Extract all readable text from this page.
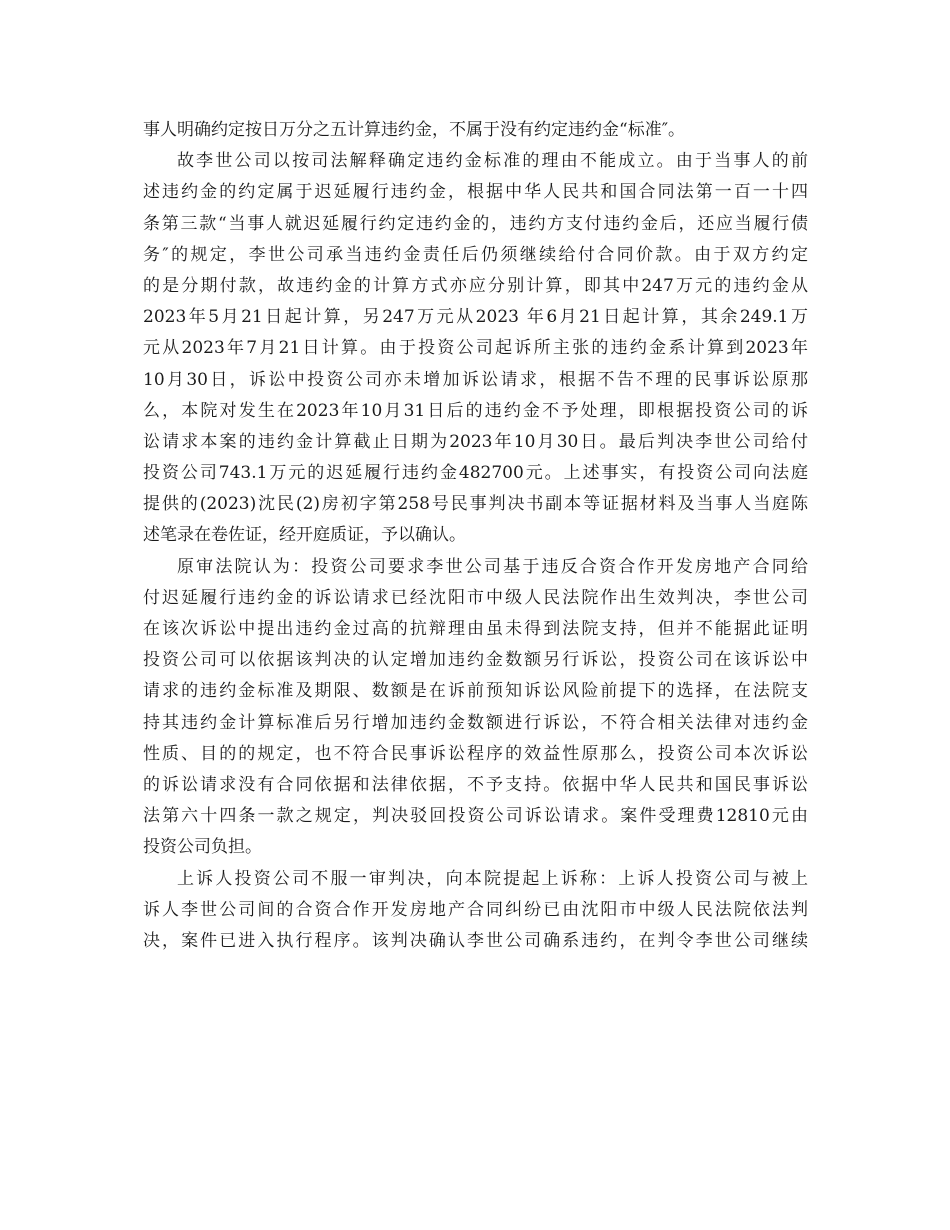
事人明确约定按日万分之五计算违约金，不属于没有约定违约金“标准″。
故李世公司以按司法解释确定违约金标准的理由不能成立。由于当事人的前
述违约金的约定属于迟延履行违约金，根据中华人民共和国合同法第一百一十四
条第三款“当事人就迟延履行约定违约金的，违约方支付违约金后，还应当履行债
务″的规定，李世公司承当违约金责任后仍须继续给付合同价款。由于双方约定
的是分期付款，故违约金的计算方式亦应分别计算，即其中247万元的违约金从
2023年5月21日起计算，另247万元从2023 年6月21日起计算，其余249.1万
元从2023年7月21日计算。由于投资公司起诉所主张的违约金系计算到2023年
10月30日，诉讼中投资公司亦未增加诉讼请求，根据不告不理的民事诉讼原那
么，本院对发生在2023年10月31日后的违约金不予处理，即根据投资公司的诉
讼请求本案的违约金计算截止日期为2023年10月30日。最后判决李世公司给付
投资公司743.1万元的迟延履行违约金482700元。上述事实，有投资公司向法庭
提供的(2023)沈民(2)房初字第258号民事判决书副本等证据材料及当事人当庭陈
述笔录在卷佐证，经开庭质证，予以确认。
原审法院认为：投资公司要求李世公司基于违反合资合作开发房地产合同给
付迟延履行违约金的诉讼请求已经沈阳市中级人民法院作出生效判决，李世公司
在该次诉讼中提出违约金过高的抗辩理由虽未得到法院支持，但并不能据此证明
投资公司可以依据该判决的认定增加违约金数额另行诉讼，投资公司在该诉讼中
请求的违约金标准及期限、数额是在诉前预知诉讼风险前提下的选择，在法院支
持其违约金计算标准后另行增加违约金数额进行诉讼，不符合相关法律对违约金
性质、目的的规定，也不符合民事诉讼程序的效益性原那么，投资公司本次诉讼
的诉讼请求没有合同依据和法律依据，不予支持。依据中华人民共和国民事诉讼
法第六十四条一款之规定，判决驳回投资公司诉讼请求。案件受理费12810元由
投资公司负担。
上诉人投资公司不服一审判决，向本院提起上诉称：上诉人投资公司与被上
诉人李世公司间的合资合作开发房地产合同纠纷已由沈阳市中级人民法院依法判
决，案件已进入执行程序。该判决确认李世公司确系违约，在判令李世公司继续
